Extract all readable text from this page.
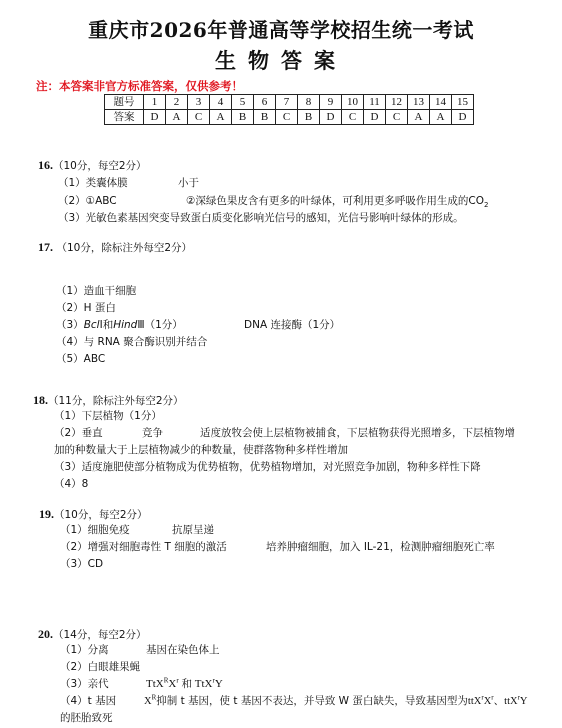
重庆市2026年普通高等学校招生统一考试
生物答案
注：本答案非官方标准答案，仅供参考！
题号	1	2	3	4	5	6	7	8	9	10	11	12	13	14	15
答案	D	A	C	A	B	B	C	B	D	C	D	C	A	A	D
16.（10分，每空2分）
（1）类囊体膜	小于
（2）①ABC	②深绿色果皮含有更多的叶绿体，可利用更多呼吸作用生成的$CO_2$
（3）光敏色素基因突变导致蛋白质变化影响光信号的感知，光信号影响叶绿体的形成。
17. （10分，除标注外每空2分）
（1）造血干细胞
（2）H 蛋白
（3）BclⅠ和HindⅢ（1分）	DNA 连接酶（1分）
（4）与 RNA 聚合酶识别并结合
（5）ABC
18.（11分，除标注外每空2分）
（1）下层植物（1分）
（2）垂直	竞争	适度放牧会使上层植物被捕食，下层植物获得光照增多，下层植物增
加的种数量大于上层植物减少的种数量，使群落物种多样性增加
（3）适度施肥使部分植物成为优势植物，优势植物增加，对光照竞争加剧，物种多样性下降
（4）8
19.（10分，每空2分）
（1）细胞免疫	抗原呈递
（2）增强对细胞毒性 T 细胞的激活	培养肿瘤细胞，加入 IL-21，检测肿瘤细胞死亡率
（3）CD
20.（14分，每空2分）
（1）分离	基因在染色体上
（2）白眼雄果蝇
（3）亲代	$TtX^RX^r$ 和 TtX$^r$Y
（4）t 基因	$X^R$抑制 t 基因，使 t 基因不表达，并导致 W 蛋白缺失，导致基因型为$ttX^rX^r$、ttX$^r$Y
的胚胎致死
